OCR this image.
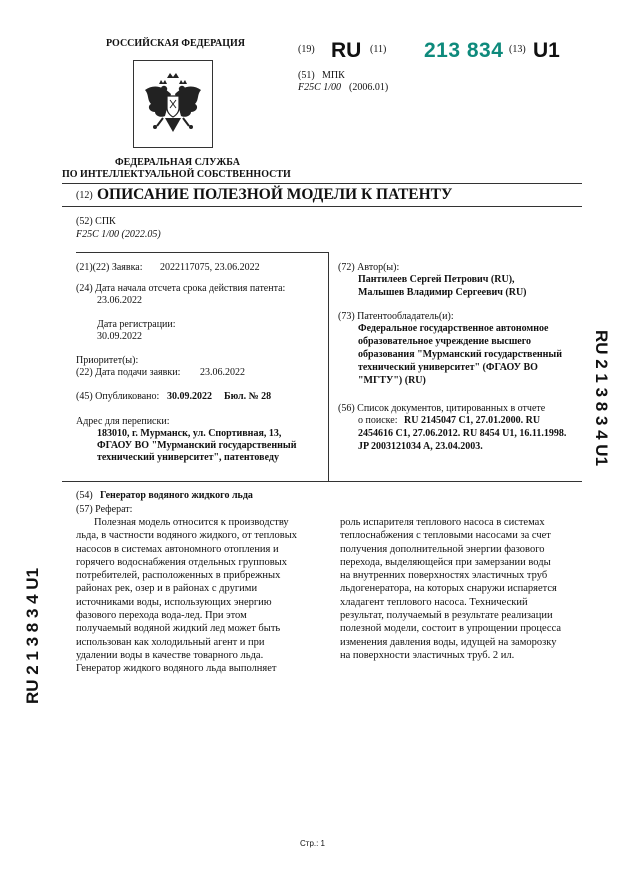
РОССИЙСКАЯ ФЕДЕРАЦИЯ
ФЕДЕРАЛЬНАЯ СЛУЖБА
ПО ИНТЕЛЛЕКТУАЛЬНОЙ СОБСТВЕННОСТИ
(19) RU (11) 213 834 (13) U1
(51) МПК
F25C 1/00 (2006.01)
(12) ОПИСАНИЕ ПОЛЕЗНОЙ МОДЕЛИ К ПАТЕНТУ
(52) СПК
F25C 1/00 (2022.05)
(21)(22) Заявка: 2022117075, 23.06.2022
(24) Дата начала отсчета срока действия патента:
23.06.2022
Дата регистрации:
30.09.2022
Приоритет(ы):
(22) Дата подачи заявки: 23.06.2022
(45) Опубликовано: 30.09.2022 Бюл. № 28
Адрес для переписки:
183010, г. Мурманск, ул. Спортивная, 13,
ФГАОУ ВО "Мурманский государственный
технический университет", патентоведу
(72) Автор(ы):
Пантилеев Сергей Петрович (RU),
Малышев Владимир Сергеевич (RU)
(73) Патентообладатель(и):
Федеральное государственное автономное
образовательное учреждение высшего
образования "Мурманский государственный
технический университет" (ФГАОУ ВО
"МГТУ") (RU)
(56) Список документов, цитированных в отчете
о поиске: RU 2145047 C1, 27.01.2000. RU
2454616 C1, 27.06.2012. RU 8454 U1, 16.11.1998.
JP 2003121034 A, 23.04.2003.
(54) Генератор водяного жидкого льда
(57) Реферат:
Полезная модель относится к производству
льда, в частности водяного жидкого, от тепловых
насосов в системах автономного отопления и
горячего водоснабжения отдельных групповых
потребителей, расположенных в прибрежных
районах рек, озер и в районах с другими
источниками воды, использующих энергию
фазового перехода вода-лед. При этом
получаемый водяной жидкий лед может быть
использован как холодильный агент и при
удалении воды в качестве товарного льда.
Генератор жидкого водяного льда выполняет
роль испарителя теплового насоса в системах
теплоснабжения с тепловыми насосами за счет
получения дополнительной энергии фазового
перехода, выделяющейся при замерзании воды
на внутренних поверхностях эластичных труб
льдогенератора, на которых снаружи испаряется
хладагент теплового насоса. Технический
результат, получаемый в результате реализации
полезной модели, состоит в упрощении процесса
изменения давления воды, идущей на заморозку
на поверхности эластичных труб. 2 ил.
RU 2 1 3 8 3 4 U1
RU 2 1 3 8 3 4 U1
Стр.: 1
